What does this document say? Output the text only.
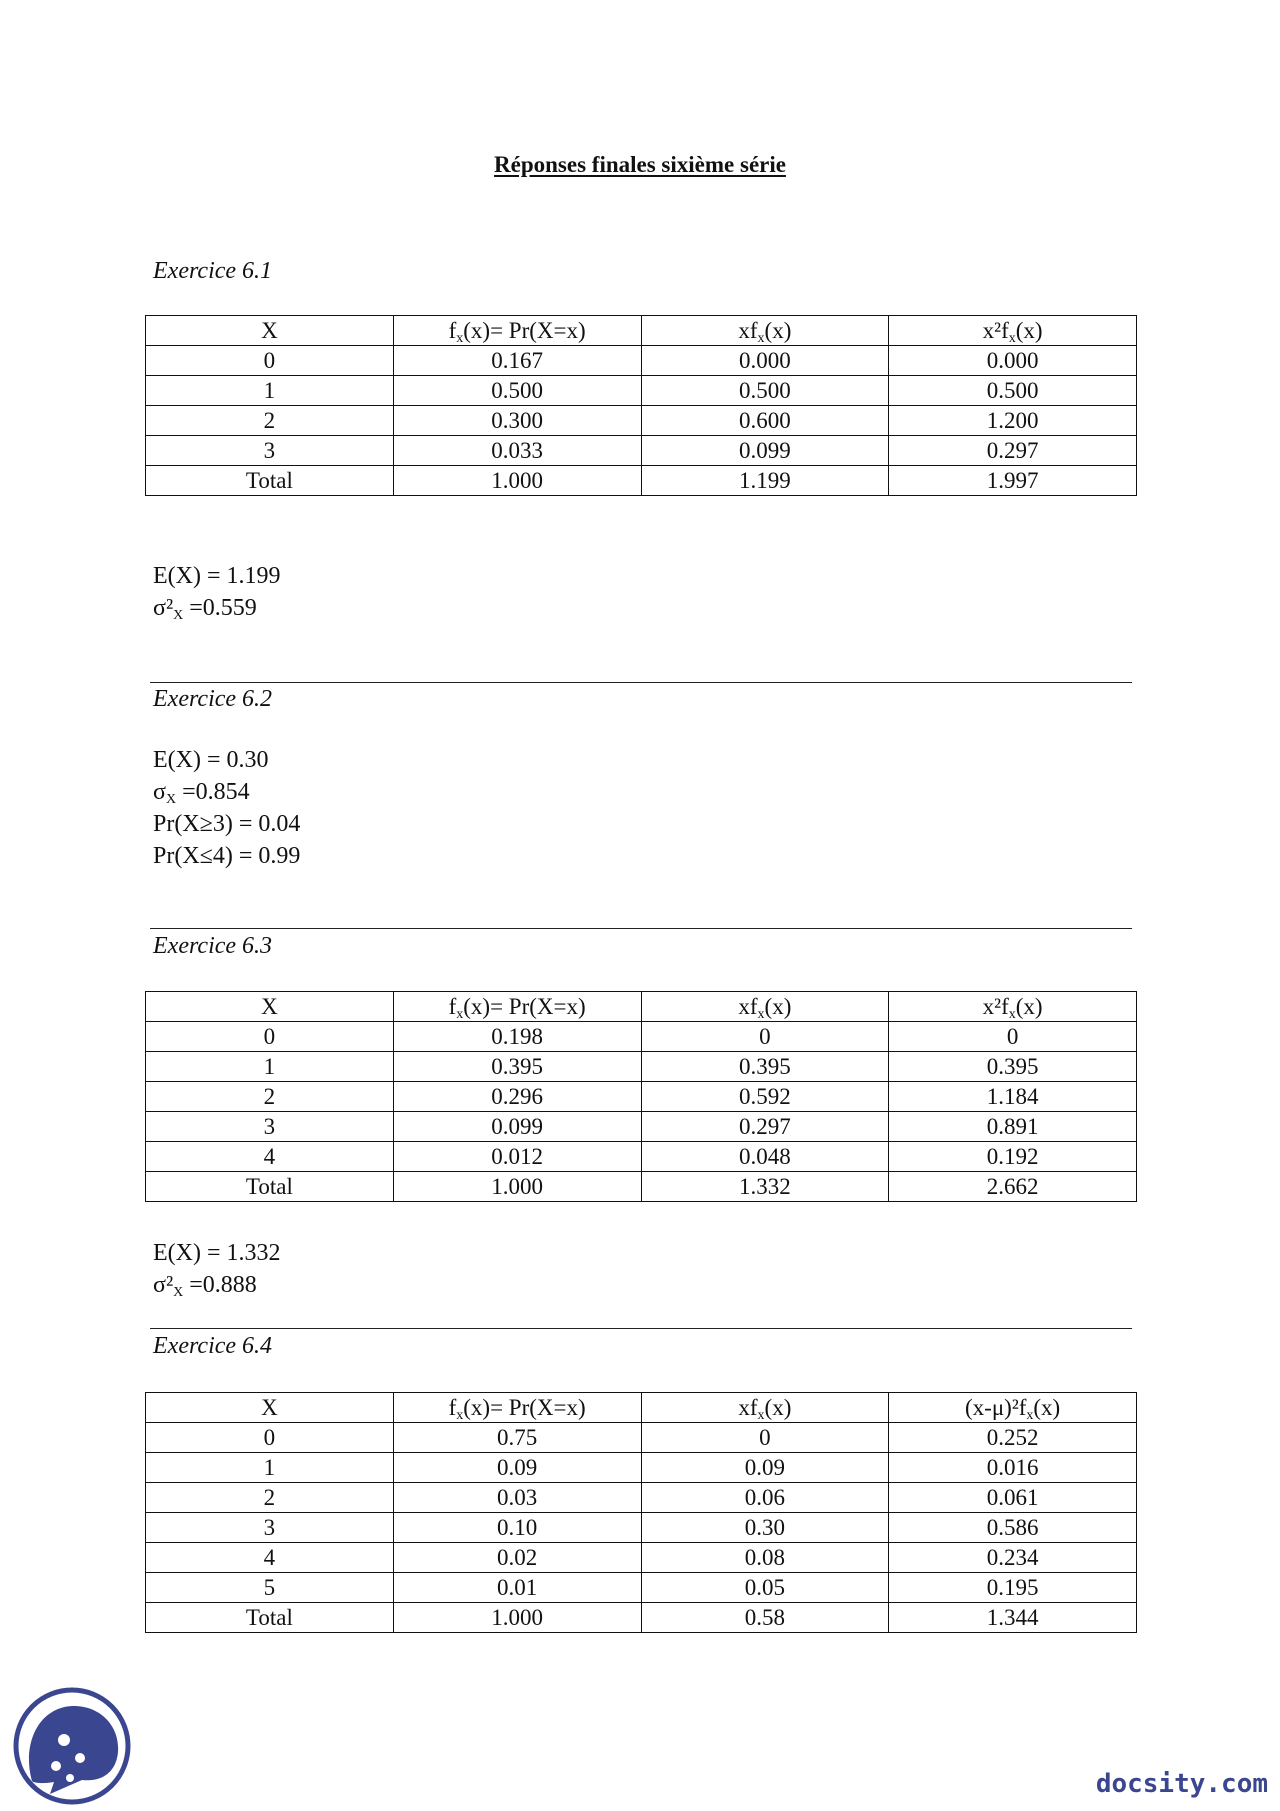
Réponses finales sixième série
Exercice 6.1
X	$f_x(x)= Pr(X=x)$	$xf_x(x)$	$x^2f_x(x)$
0	0.167	0.000	0.000
1	0.500	0.500	0.500
2	0.300	0.600	1.200
3	0.033	0.099	0.297
Total	1.000	1.199	1.997
E(X) = 1.199
$\sigma^2_X =0.559$
Exercice 6.2
E(X) = 0.30
$\sigma_X =0.854$
Pr(X≥3) = 0.04
Pr(X≤4) = 0.99
Exercice 6.3
X	$f_x(x)= Pr(X=x)$	$xf_x(x)$	$x^2f_x(x)$
0	0.198	0	0
1	0.395	0.395	0.395
2	0.296	0.592	1.184
3	0.099	0.297	0.891
4	0.012	0.048	0.192
Total	1.000	1.332	2.662
E(X) = 1.332
$\sigma^2_X =0.888$
Exercice 6.4
X	$f_x(x)= Pr(X=x)$	$xf_x(x)$	$(x-\mu)^2f_x(x)$
0	0.75	0	0.252
1	0.09	0.09	0.016
2	0.03	0.06	0.061
3	0.10	0.30	0.586
4	0.02	0.08	0.234
5	0.01	0.05	0.195
Total	1.000	0.58	1.344
docsity.com
